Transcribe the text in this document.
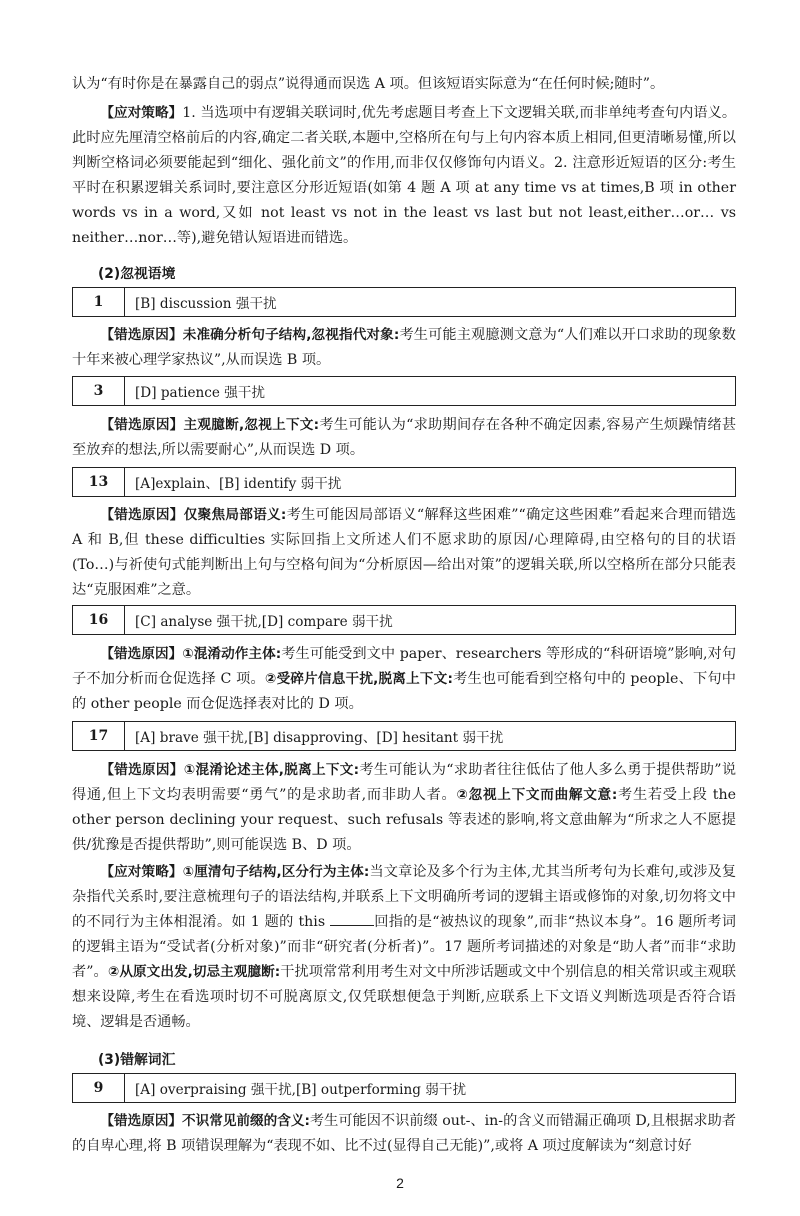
认为“有时你是在暴露自己的弱点”说得通而误选 A 项。但该短语实际意为“在任何时候;随时”。

【应对策略】1. 当选项中有逻辑关联词时,优先考虑题目考查上下文逻辑关联,而非单纯考查句内语义。此时应先厘清空格前后的内容,确定二者关联,本题中,空格所在句与上句内容本质上相同,但更清晰易懂,所以判断空格词必须要能起到“细化、强化前文”的作用,而非仅仅修饰句内语义。2. 注意形近短语的区分:考生平时在积累逻辑关系词时,要注意区分形近短语(如第 4 题 A 项 at any time vs at times,B 项 in other words vs in a word,又如 not least vs not in the least vs last but not least,either…or… vs neither…nor…等),避免错认短语进而错选。

(2)忽视语境
1	[B] discussion 强干扰

【错选原因】未准确分析句子结构,忽视指代对象:考生可能主观臆测文意为“人们难以开口求助的现象数十年来被心理学家热议”,从而误选 B 项。

3	[D] patience 强干扰

【错选原因】主观臆断,忽视上下文:考生可能认为“求助期间存在各种不确定因素,容易产生烦躁情绪甚至放弃的想法,所以需要耐心”,从而误选 D 项。

13	[A]explain、[B] identify 弱干扰

【错选原因】仅聚焦局部语义:考生可能因局部语义“解释这些困难”“确定这些困难”看起来合理而错选 A 和 B,但 these difficulties 实际回指上文所述人们不愿求助的原因/心理障碍,由空格句的目的状语(To…)与祈使句式能判断出上句与空格句间为“分析原因—给出对策”的逻辑关联,所以空格所在部分只能表达“克服困难”之意。

16	[C] analyse 强干扰,[D] compare 弱干扰

【错选原因】①混淆动作主体:考生可能受到文中 paper、researchers 等形成的“科研语境”影响,对句子不加分析而仓促选择 C 项。②受碎片信息干扰,脱离上下文:考生也可能看到空格句中的 people、下句中的 other people 而仓促选择表对比的 D 项。

17	[A] brave 强干扰,[B] disapproving、[D] hesitant 弱干扰

【错选原因】①混淆论述主体,脱离上下文:考生可能认为“求助者往往低估了他人多么勇于提供帮助”说得通,但上下文均表明需要“勇气”的是求助者,而非助人者。②忽视上下文而曲解文意:考生若受上段 the other person declining your request、such refusals 等表述的影响,将文意曲解为“所求之人不愿提供/犹豫是否提供帮助”,则可能误选 B、D 项。

【应对策略】①厘清句子结构,区分行为主体:当文章论及多个行为主体,尤其当所考句为长难句,或涉及复杂指代关系时,要注意梳理句子的语法结构,并联系上下文明确所考词的逻辑主语或修饰的对象,切勿将文中的不同行为主体相混淆。如 1 题的 this	回指的是“被热议的现象”,而非“热议本身”。16 题所考词的逻辑主语为“受试者(分析对象)”而非“研究者(分析者)”。17 题所考词描述的对象是“助人者”而非“求助者”。②从原文出发,切忌主观臆断:干扰项常常利用考生对文中所涉话题或文中个别信息的相关常识或主观联想来设障,考生在看选项时切不可脱离原文,仅凭联想便急于判断,应联系上下文语义判断选项是否符合语境、逻辑是否通畅。

(3)错解词汇
9	[A] overpraising 强干扰,[B] outperforming 弱干扰

【错选原因】不识常见前缀的含义:考生可能因不识前缀 out-、in-的含义而错漏正确项 D,且根据求助者的自卑心理,将 B 项错误理解为“表现不如、比不过(显得自己无能)”,或将 A 项过度解读为“刻意讨好

2
